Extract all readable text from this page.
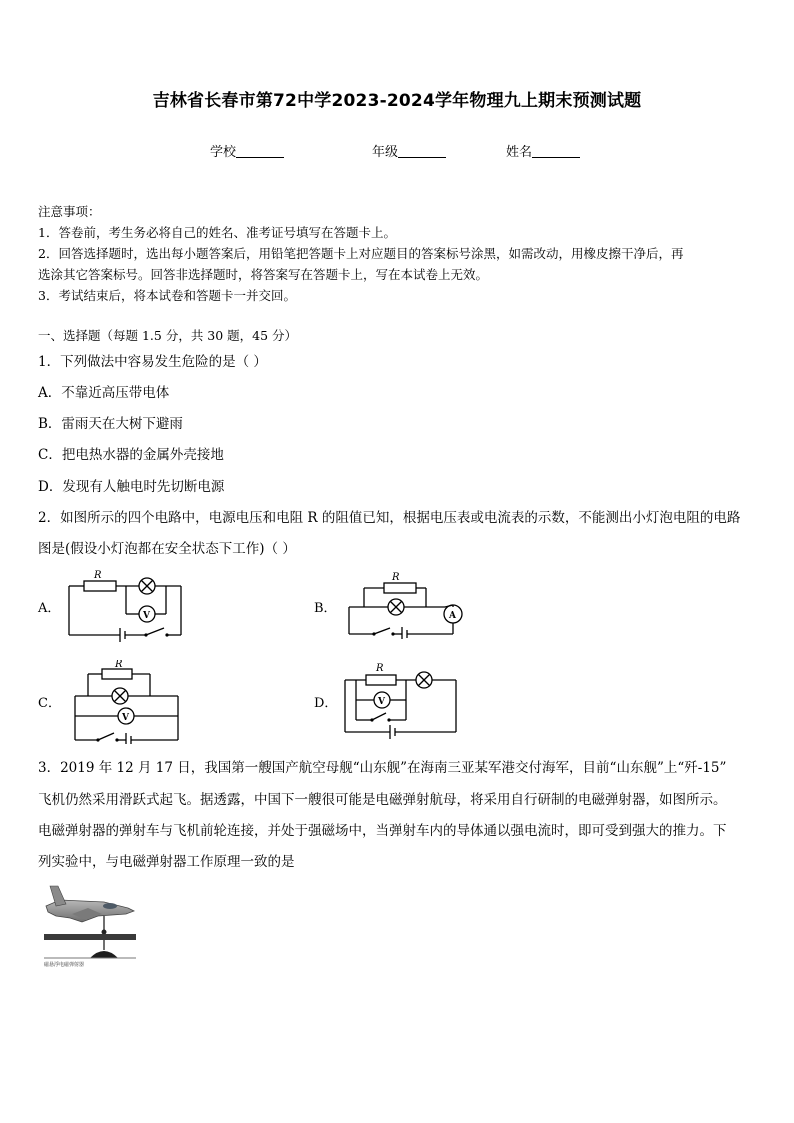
吉林省长春市第72中学2023-2024学年物理九上期末预测试题
学校	年级	姓名
注意事项：
1．答卷前，考生务必将自己的姓名、准考证号填写在答题卡上。
2．回答选择题时，选出每小题答案后，用铅笔把答题卡上对应题目的答案标号涂黑，如需改动，用橡皮擦干净后，再
选涂其它答案标号。回答非选择题时，将答案写在答题卡上，写在本试卷上无效。
3．考试结束后，将本试卷和答题卡一并交回。
一、选择题（每题 1.5 分，共 30 题，45 分）
1．下列做法中容易发生危险的是（ ）
A．不靠近高压带电体
B．雷雨天在大树下避雨
C．把电热水器的金属外壳接地
D．发现有人触电时先切断电源
2．如图所示的四个电路中，电源电压和电阻 R 的阻值已知，根据电压表或电流表的示数，不能测出小灯泡电阻的电路
图是(假设小灯泡都在安全状态下工作)（ ）
A．	B．
C．	D．
R
V
R
A
R
V
R
V
3．2019 年 12 月 17 日，我国第一艘国产航空母舰“山东舰”在海南三亚某军港交付海军，目前“山东舰”上“歼-15”
飞机仍然采用滑跃式起飞。据透露，中国下一艘很可能是电磁弹射航母，将采用自行研制的电磁弹射器，如图所示。
电磁弹射器的弹射车与飞机前轮连接，并处于强磁场中，当弹射车内的导体通以强电流时，即可受到强大的推力。下
列实验中，与电磁弹射器工作原理一致的是
磁悬浮电磁弹射器
